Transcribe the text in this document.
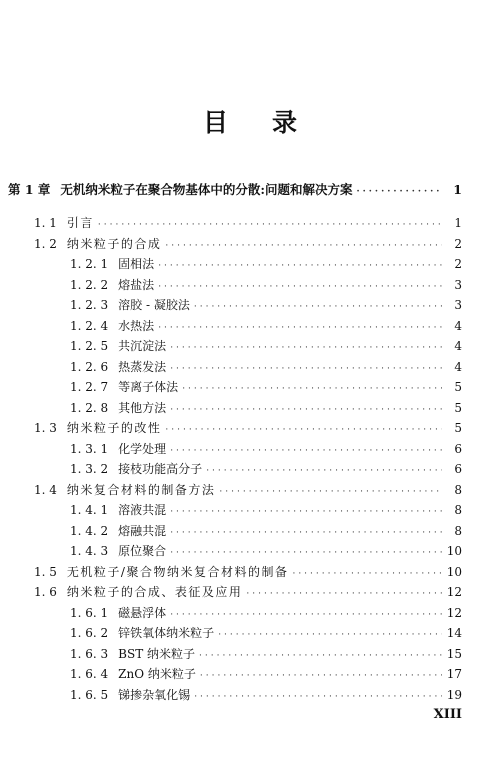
目录
第 1 章 无机纳米粒子在聚合物基体中的分散:问题和解决方案 ·····	1
1. 1 引言 ·····	1
1. 2 纳米粒子的合成 ·····	2
1. 2. 1 固相法 ·····	2
1. 2. 2 熔盐法 ·····	3
1. 2. 3 溶胶 - 凝胶法 ·····	3
1. 2. 4 水热法 ·····	4
1. 2. 5 共沉淀法 ·····	4
1. 2. 6 热蒸发法 ·····	4
1. 2. 7 等离子体法 ·····	5
1. 2. 8 其他方法 ·····	5
1. 3 纳米粒子的改性 ·····	5
1. 3. 1 化学处理 ·····	6
1. 3. 2 接枝功能高分子 ·····	6
1. 4 纳米复合材料的制备方法 ·····	8
1. 4. 1 溶液共混 ·····	8
1. 4. 2 熔融共混 ·····	8
1. 4. 3 原位聚合 ·····	10
1. 5 无机粒子/聚合物纳米复合材料的制备 ·····	10
1. 6 纳米粒子的合成、表征及应用 ·····	12
1. 6. 1 磁悬浮体 ·····	12
1. 6. 2 锌铁氧体纳米粒子 ·····	14
1. 6. 3 BST 纳米粒子 ·····	15
1. 6. 4 ZnO 纳米粒子 ·····	17
1. 6. 5 锑掺杂氧化锡 ·····	19
XIII
